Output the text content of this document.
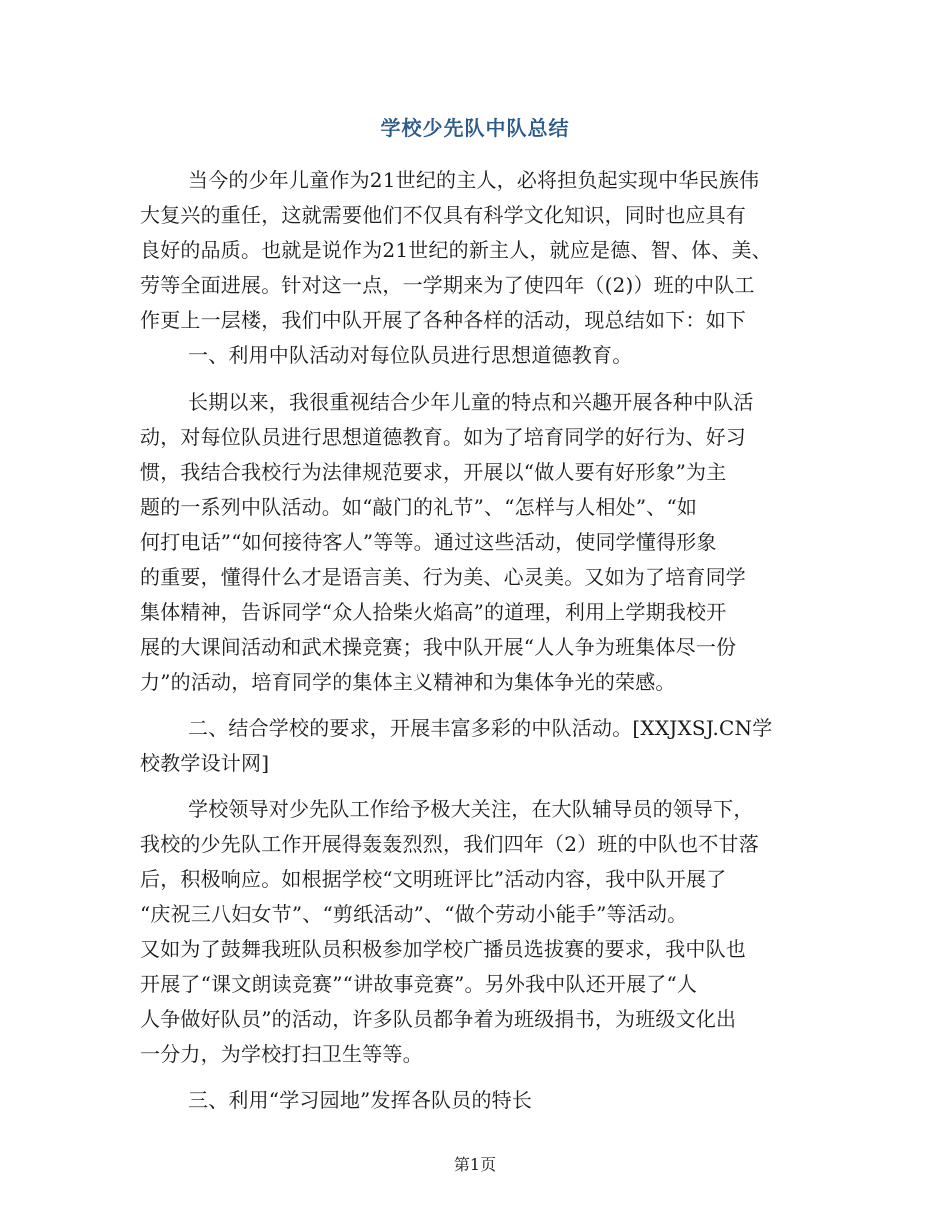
学校少先队中队总结
当今的少年儿童作为21世纪的主人，必将担负起实现中华民族伟
大复兴的重任，这就需要他们不仅具有科学文化知识，同时也应具有
良好的品质。也就是说作为21世纪的新主人，就应是德、智、体、美、
劳等全面进展。针对这一点，一学期来为了使四年（(2)）班的中队工
作更上一层楼，我们中队开展了各种各样的活动，现总结如下：如下
一、利用中队活动对每位队员进行思想道德教育。
长期以来，我很重视结合少年儿童的特点和兴趣开展各种中队活
动，对每位队员进行思想道德教育。如为了培育同学的好行为、好习
惯，我结合我校行为法律规范要求，开展以“做人要有好形象”为主
题的一系列中队活动。如“敲门的礼节”、“怎样与人相处”、“如
何打电话”“如何接待客人”等等。通过这些活动，使同学懂得形象
的重要，懂得什么才是语言美、行为美、心灵美。又如为了培育同学
集体精神，告诉同学“众人拾柴火焰高”的道理，利用上学期我校开
展的大课间活动和武术操竞赛；我中队开展“人人争为班集体尽一份
力”的活动，培育同学的集体主义精神和为集体争光的荣感。
二、结合学校的要求，开展丰富多彩的中队活动。[XXJXSJ.CN学
校教学设计网]
学校领导对少先队工作给予极大关注，在大队辅导员的领导下，
我校的少先队工作开展得轰轰烈烈，我们四年（2）班的中队也不甘落
后，积极响应。如根据学校“文明班评比”活动内容，我中队开展了
“庆祝三八妇女节”、“剪纸活动”、“做个劳动小能手”等活动。
又如为了鼓舞我班队员积极参加学校广播员选拔赛的要求，我中队也
开展了“课文朗读竞赛”“讲故事竞赛”。另外我中队还开展了“人
人争做好队员”的活动，许多队员都争着为班级捐书，为班级文化出
一分力，为学校打扫卫生等等。
三、利用“学习园地”发挥各队员的特长
第1页
